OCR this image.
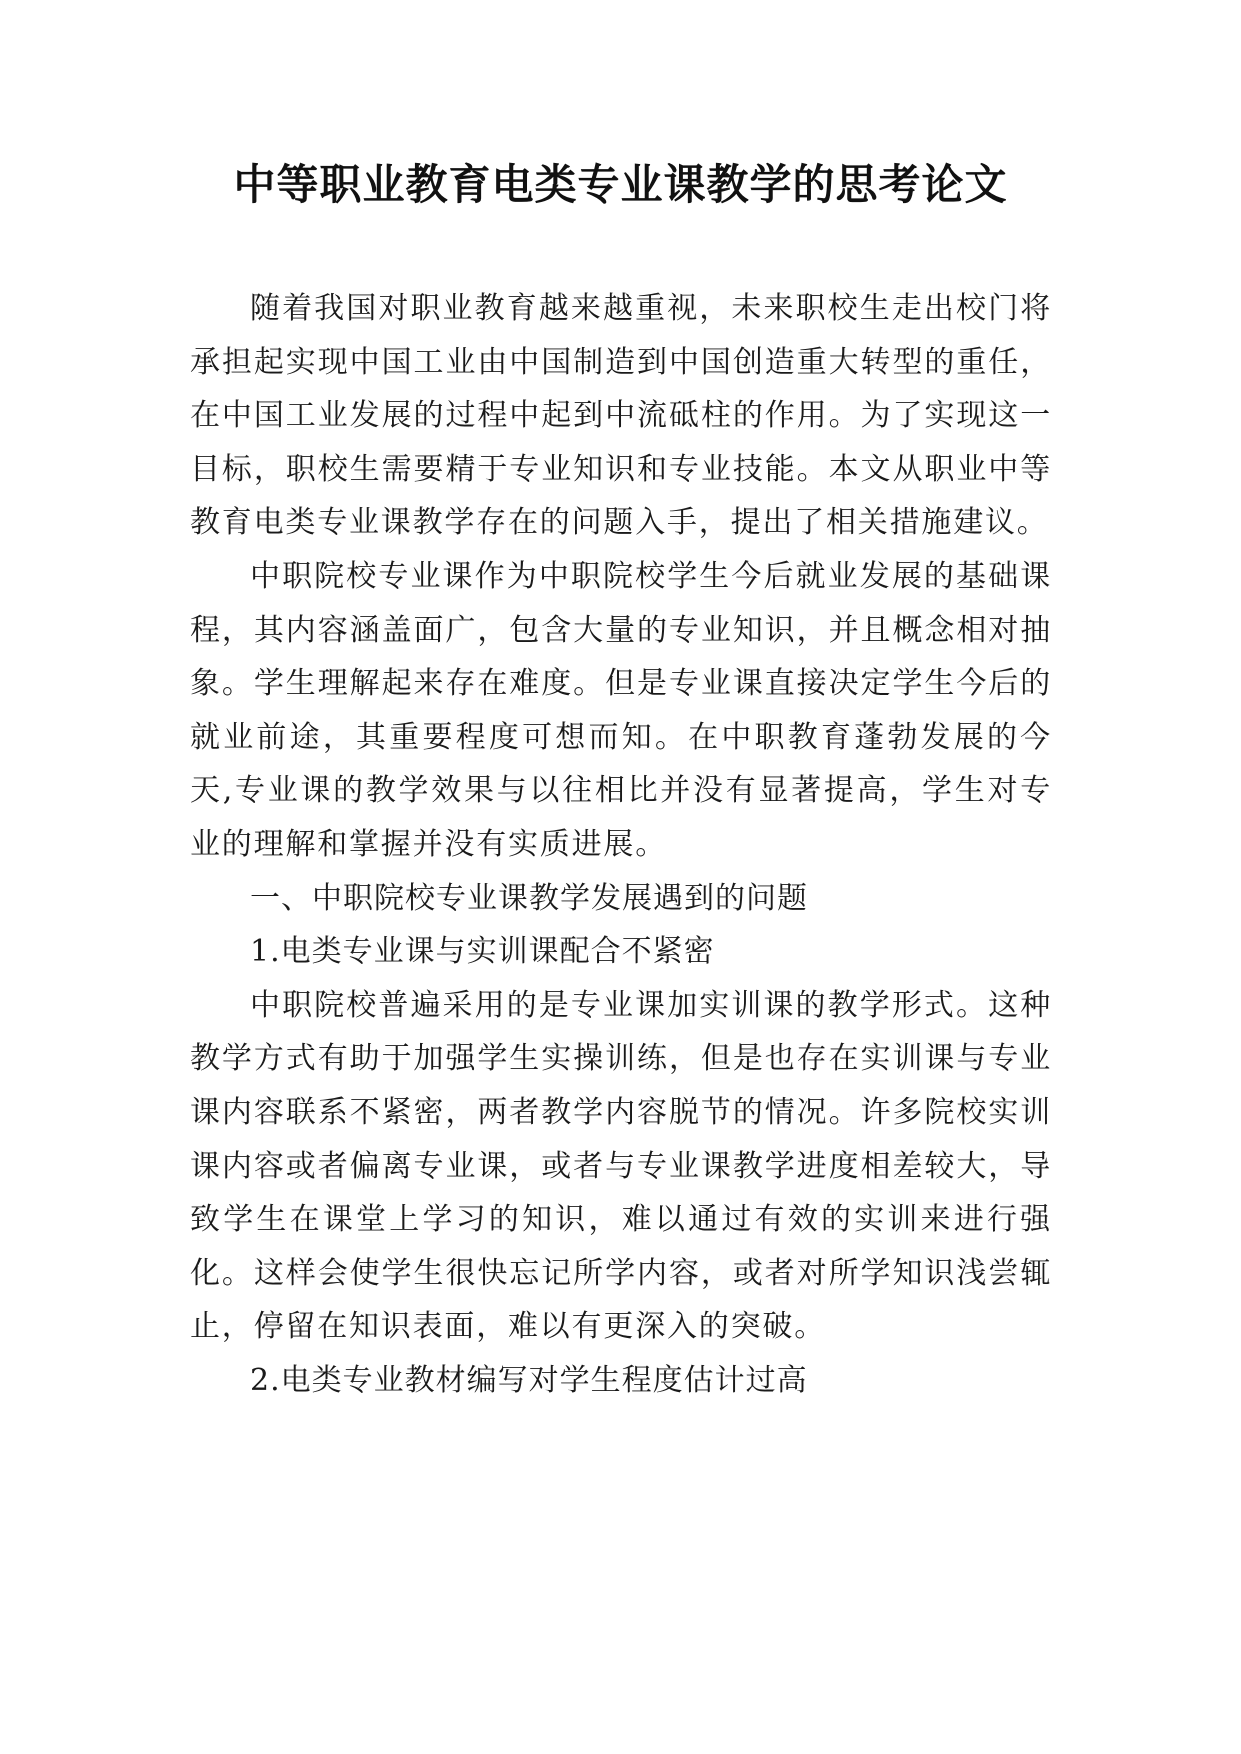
中等职业教育电类专业课教学的思考论文

随着我国对职业教育越来越重视，未来职校生走出校门将承担起实现中国工业由中国制造到中国创造重大转型的重任，在中国工业发展的过程中起到中流砥柱的作用。为了实现这一目标，职校生需要精于专业知识和专业技能。本文从职业中等教育电类专业课教学存在的问题入手，提出了相关措施建议。

中职院校专业课作为中职院校学生今后就业发展的基础课程，其内容涵盖面广，包含大量的专业知识，并且概念相对抽象。学生理解起来存在难度。但是专业课直接决定学生今后的就业前途，其重要程度可想而知。在中职教育蓬勃发展的今天,专业课的教学效果与以往相比并没有显著提高，学生对专业的理解和掌握并没有实质进展。

一、中职院校专业课教学发展遇到的问题

1.电类专业课与实训课配合不紧密

中职院校普遍采用的是专业课加实训课的教学形式。这种教学方式有助于加强学生实操训练，但是也存在实训课与专业课内容联系不紧密，两者教学内容脱节的情况。许多院校实训课内容或者偏离专业课，或者与专业课教学进度相差较大，导致学生在课堂上学习的知识，难以通过有效的实训来进行强化。这样会使学生很快忘记所学内容，或者对所学知识浅尝辄止，停留在知识表面，难以有更深入的突破。

2.电类专业教材编写对学生程度估计过高
